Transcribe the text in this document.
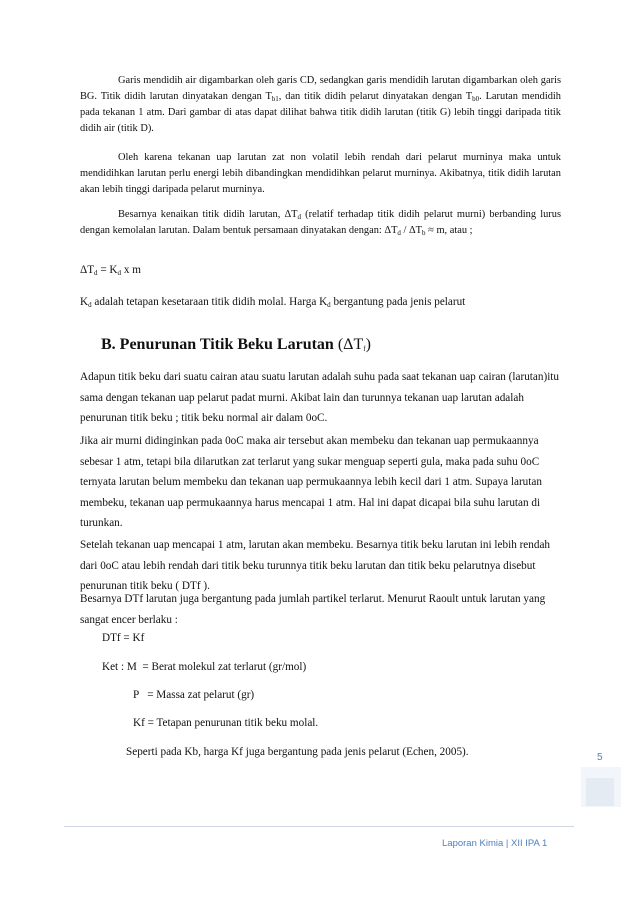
Garis mendidih air digambarkan oleh garis CD, sedangkan garis mendidih larutan digambarkan oleh garis BG. Titik didih larutan dinyatakan dengan $T_{b1}$, dan titik didih pelarut dinyatakan dengan $T_{b0}$. Larutan mendidih pada tekanan 1 atm. Dari gambar di atas dapat dilihat bahwa titik didih larutan (titik G) lebih tinggi daripada titik didih air (titik D).
Oleh karena tekanan uap larutan zat non volatil lebih rendah dari pelarut murninya maka untuk mendidihkan larutan perlu energi lebih dibandingkan mendidihkan pelarut murninya. Akibatnya, titik didih larutan akan lebih tinggi daripada pelarut murninya.
Besarnya kenaikan titik didih larutan, $\Delta T_d$ (relatif terhadap titik didih pelarut murni) berbanding lurus dengan kemolalan larutan. Dalam bentuk persamaan dinyatakan dengan: $\Delta T_d / \Delta T_b \approx m$, atau ;
$\Delta T_d = K_d$ x m
$K_d$ adalah tetapan kesetaraan titik didih molal. Harga $K_d$ bergantung pada jenis pelarut
B. Penurunan Titik Beku Larutan $(\Delta T_f)$
Adapun titik beku dari suatu cairan atau suatu larutan adalah suhu pada saat tekanan uap cairan (larutan)itu sama dengan tekanan uap pelarut padat murni. Akibat lain dan turunnya tekanan uap larutan adalah penurunan titik beku ; titik beku normal air dalam 0oC.
Jika air murni didinginkan pada 0oC maka air tersebut akan membeku dan tekanan uap permukaannya sebesar 1 atm, tetapi bila dilarutkan zat terlarut yang sukar menguap seperti gula, maka pada suhu 0oC ternyata larutan belum membeku dan tekanan uap permukaannya lebih kecil dari 1 atm. Supaya larutan membeku, tekanan uap permukaannya harus mencapai 1 atm. Hal ini dapat dicapai bila suhu larutan di turunkan.
Setelah tekanan uap mencapai 1 atm, larutan akan membeku. Besarnya titik beku larutan ini lebih rendah dari 0oC atau lebih rendah dari titik beku turunnya titik beku larutan dan titik beku pelarutnya disebut penurunan titik beku ( DTf ).
Besarnya DTf larutan juga bergantung pada jumlah partikel terlarut. Menurut Raoult untuk larutan yang sangat encer berlaku :
DTf = Kf
Ket : M  = Berat molekul zat terlarut (gr/mol)
P   = Massa zat pelarut (gr)
Kf = Tetapan penurunan titik beku molal.
Seperti pada Kb, harga Kf juga bergantung pada jenis pelarut (Echen, 2005).	5
Laporan Kimia | XII IPA 1
